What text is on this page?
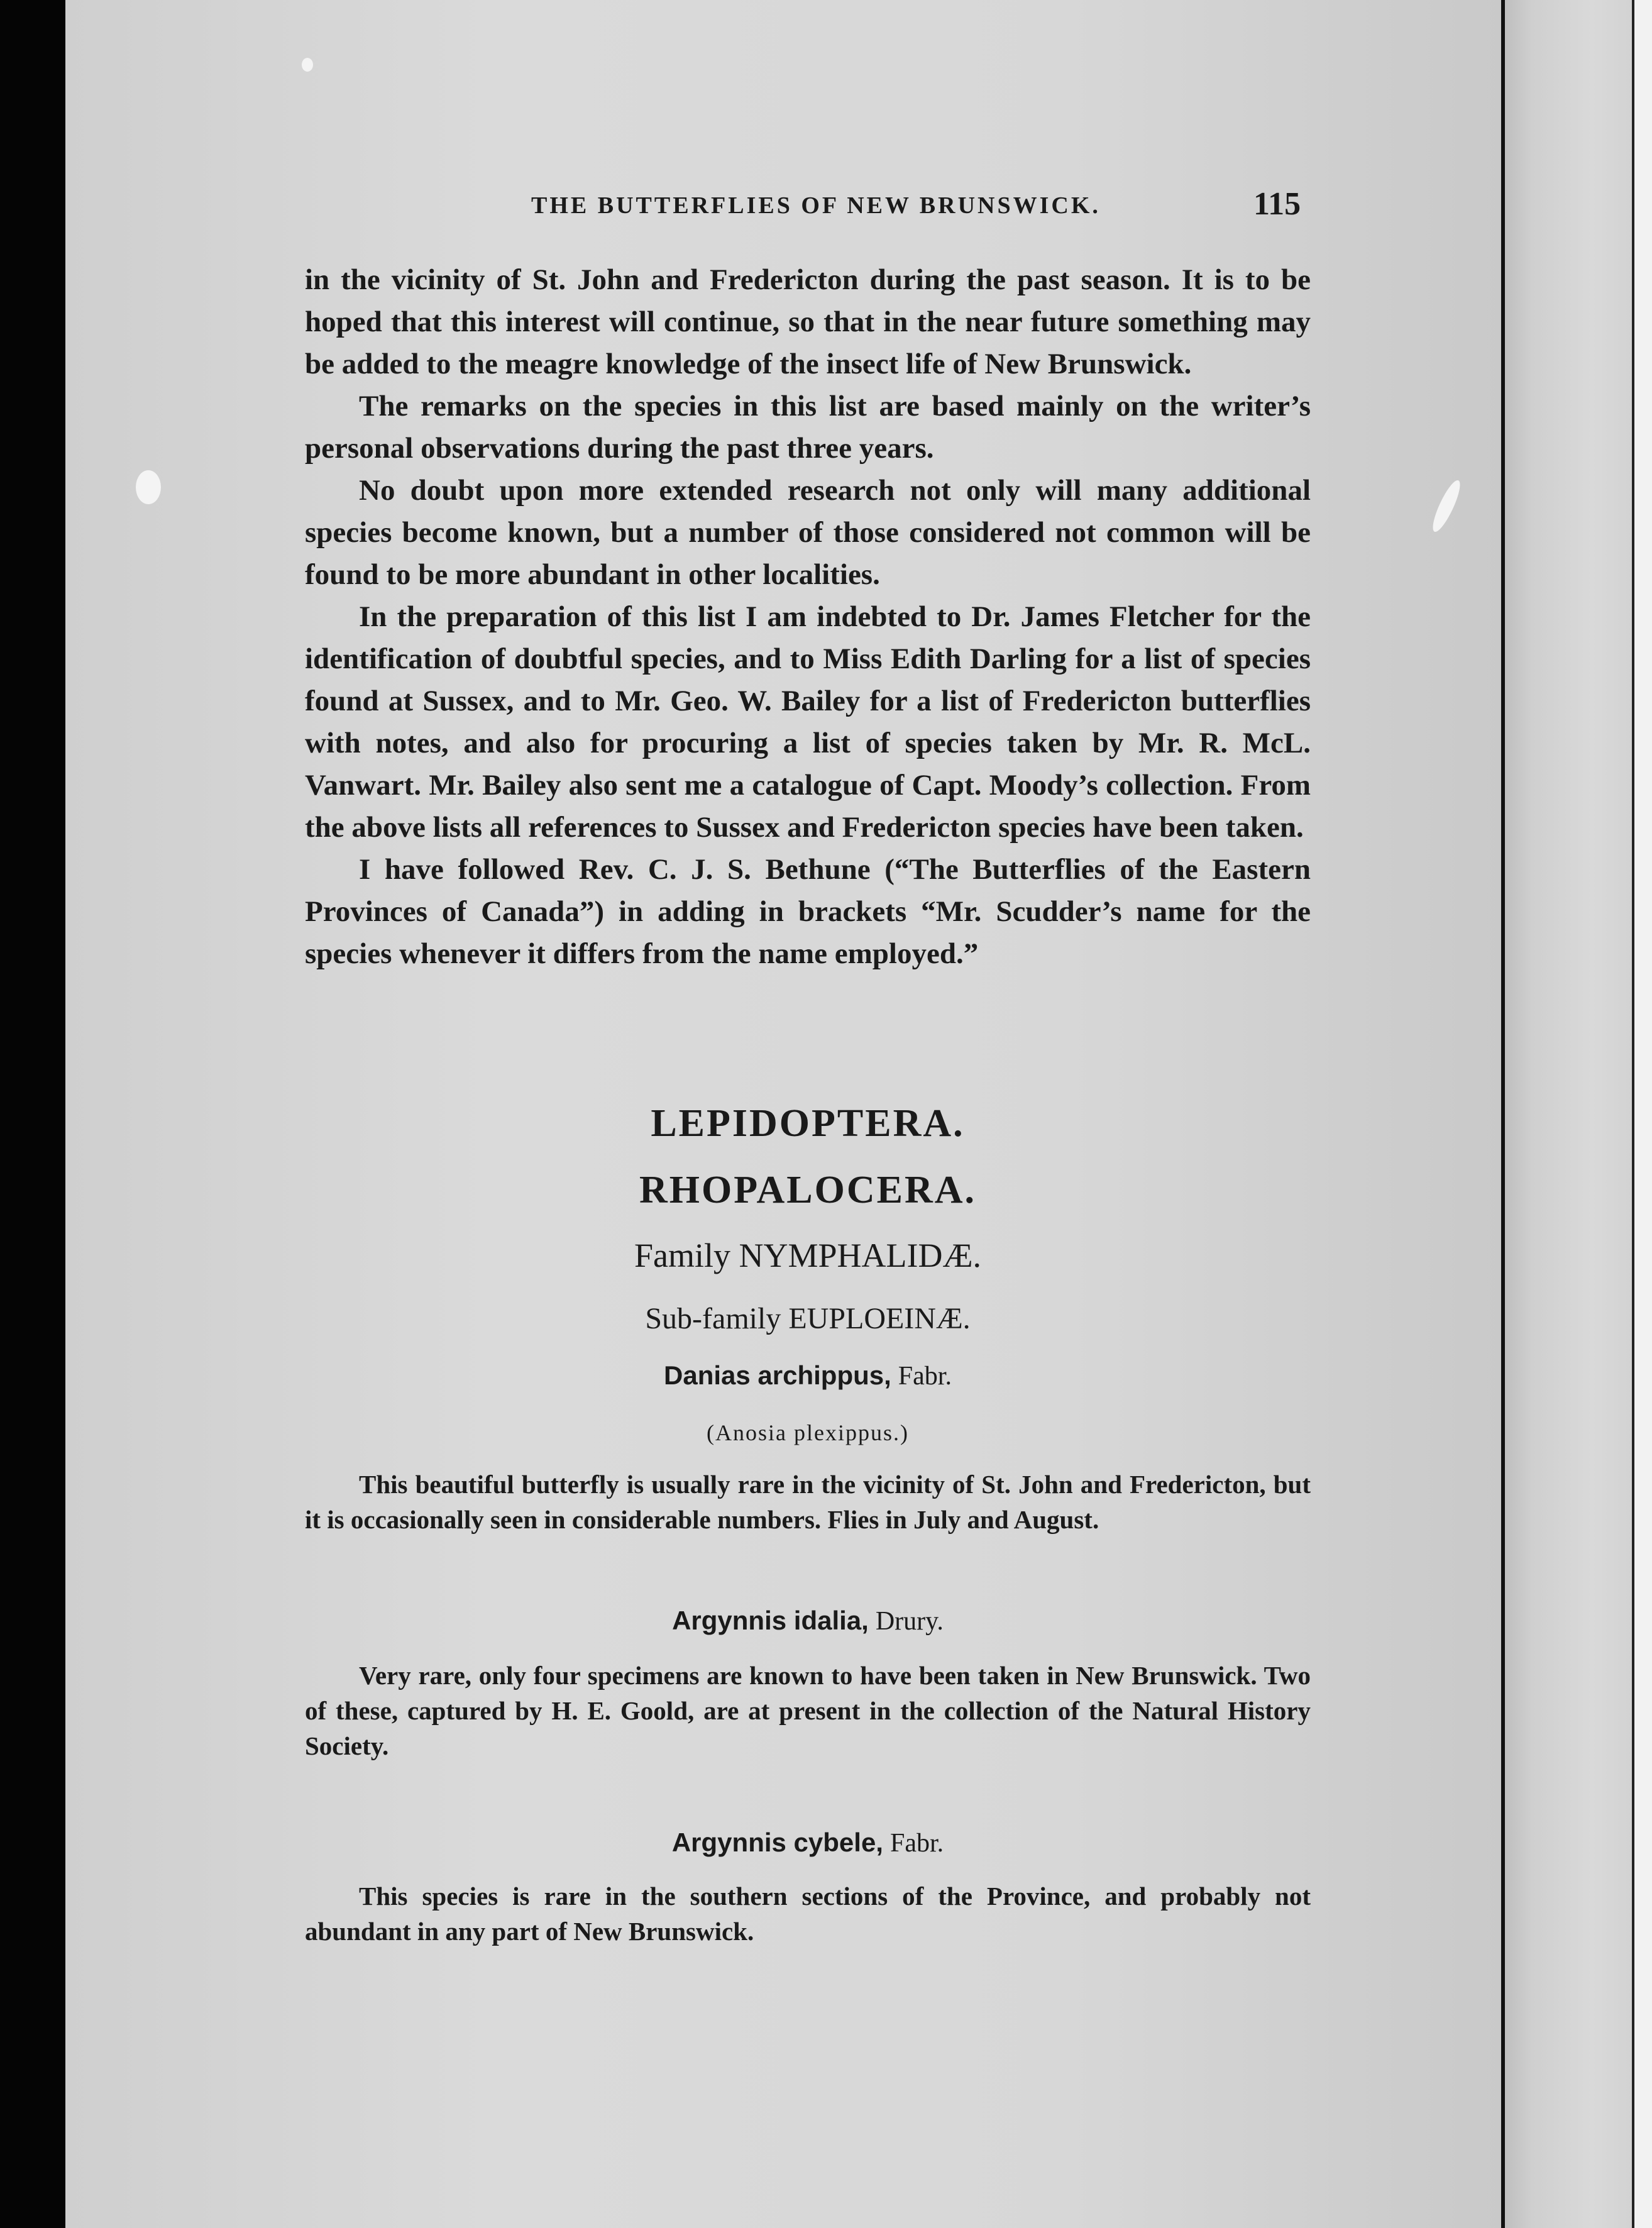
THE BUTTERFLIES OF NEW BRUNSWICK.	115

in the vicinity of St. John and Fredericton during the past season. It is to be hoped that this interest will continue, so that in the near future something may be added to the meagre knowledge of the insect life of New Brunswick.

The remarks on the species in this list are based mainly on the writer’s personal observations during the past three years.

No doubt upon more extended research not only will many additional species become known, but a number of those considered not common will be found to be more abundant in other localities.

In the preparation of this list I am indebted to Dr. James Fletcher for the identification of doubtful species, and to Miss Edith Darling for a list of species found at Sussex, and to Mr. Geo. W. Bailey for a list of Fredericton butterflies with notes, and also for procuring a list of species taken by Mr. R. McL. Vanwart. Mr. Bailey also sent me a catalogue of Capt. Moody’s collection. From the above lists all references to Sussex and Fredericton species have been taken.

I have followed Rev. C. J. S. Bethune (“The Butterflies of the Eastern Provinces of Canada”) in adding in brackets “Mr. Scudder’s name for the species whenever it differs from the name employed.”

LEPIDOPTERA.
RHOPALOCERA.
Family NYMPHALIDÆ.
Sub-family EUPLOEINÆ.
Danias archippus, Fabr.
(Anosia plexippus.)

This beautiful butterfly is usually rare in the vicinity of St. John and Fredericton, but it is occasionally seen in considerable numbers. Flies in July and August.

Argynnis idalia, Drury.

Very rare, only four specimens are known to have been taken in New Brunswick. Two of these, captured by H. E. Goold, are at present in the collection of the Natural History Society.

Argynnis cybele, Fabr.

This species is rare in the southern sections of the Province, and probably not abundant in any part of New Brunswick.
